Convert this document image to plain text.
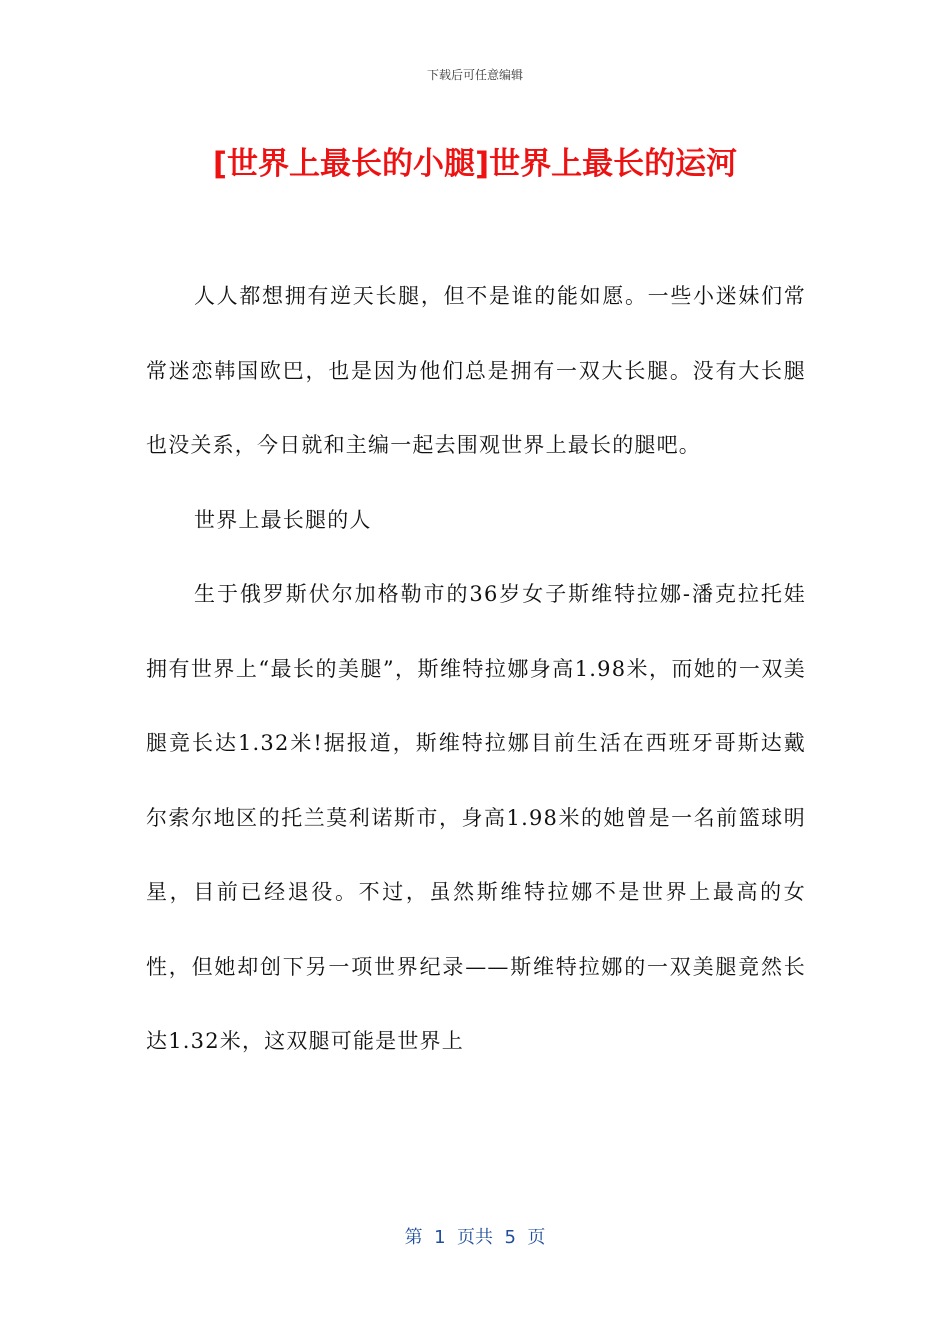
下载后可任意编辑
[世界上最长的小腿]世界上最长的运河

人人都想拥有逆天长腿，但不是谁的能如愿。一些小迷妹们常常迷恋韩国欧巴，也是因为他们总是拥有一双大长腿。没有大长腿也没关系，今日就和主编一起去围观世界上最长的腿吧。

世界上最长腿的人

生于俄罗斯伏尔加格勒市的36岁女子斯维特拉娜-潘克拉托娃拥有世界上“最长的美腿”，斯维特拉娜身高1.98米，而她的一双美腿竟长达1.32米!据报道，斯维特拉娜目前生活在西班牙哥斯达戴尔索尔地区的托兰莫利诺斯市，身高1.98米的她曾是一名前篮球明星，目前已经退役。不过，虽然斯维特拉娜不是世界上最高的女性，但她却创下另一项世界纪录——斯维特拉娜的一双美腿竟然长达1.32米，这双腿可能是世界上

第  1  页共  5  页
